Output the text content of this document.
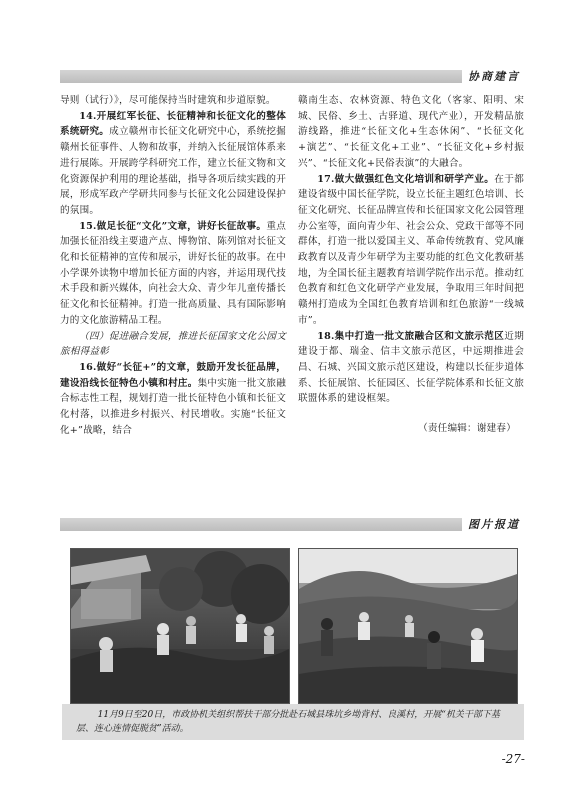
协商建言

导则（试行）》，尽可能保持当时建筑和步道原貌。

14.开展红军长征、长征精神和长征文化的整体系统研究。成立赣州市长征文化研究中心，系统挖掘赣州长征事件、人物和故事，并纳入长征展馆体系来进行展陈。开展跨学科研究工作，建立长征文物和文化资源保护利用的理论基础，指导各项后续实践的开展，形成军政产学研共同参与长征文化公园建设保护的氛围。

15.做足长征“文化”文章，讲好长征故事。重点加强长征沿线主要遗产点、博物馆、陈列馆对长征文化和长征精神的宣传和展示，讲好长征的故事。在中小学课外读物中增加长征方面的内容，并运用现代技术手段和新兴媒体，向社会大众、青少年儿童传播长征文化和长征精神。打造一批高质量、具有国际影响力的文化旅游精品工程。

（四）促进融合发展，推进长征国家文化公园文旅相得益彰

16.做好“长征+”的文章，鼓励开发长征品牌，建设沿线长征特色小镇和村庄。集中实施一批文旅融合标志性工程，规划打造一批长征特色小镇和长征文化村落，以推进乡村振兴、村民增收。实施“长征文化+”战略，结合

赣南生态、农林资源、特色文化（客家、阳明、宋城、民俗、乡土、古驿道、现代产业），开发精品旅游线路，推进“长征文化+生态休闲”、“长征文化+演艺”、“长征文化+工业”、“长征文化+乡村振兴”、“长征文化+民俗表演”的大融合。

17.做大做强红色文化培训和研学产业。在于都建设省级中国长征学院，设立长征主题红色培训、长征文化研究、长征品牌宣传和长征国家文化公园管理办公室等，面向青少年、社会公众、党政干部等不同群体，打造一批以爱国主义、革命传统教育、党风廉政教育以及青少年研学为主要功能的红色文化教研基地，为全国长征主题教育培训学院作出示范。推动红色教育和红色文化研学产业发展，争取用三年时间把赣州打造成为全国红色教育培训和红色旅游“一线城市”。

18.集中打造一批文旅融合区和文旅示范区近期建设于都、瑞金、信丰文旅示范区，中远期推进会昌、石城、兴国文旅示范区建设，构建以长征步道体系、长征展馆、长征园区、长征学院体系和长征文旅联盟体系的建设框架。

（责任编辑：谢建春）

图片报道
11月9日至20日，市政协机关组织帮扶干部分批赴石城县珠坑乡坳背村、良溪村，开展“机关干部下基层、连心连情促脱贫”活动。
-27-
